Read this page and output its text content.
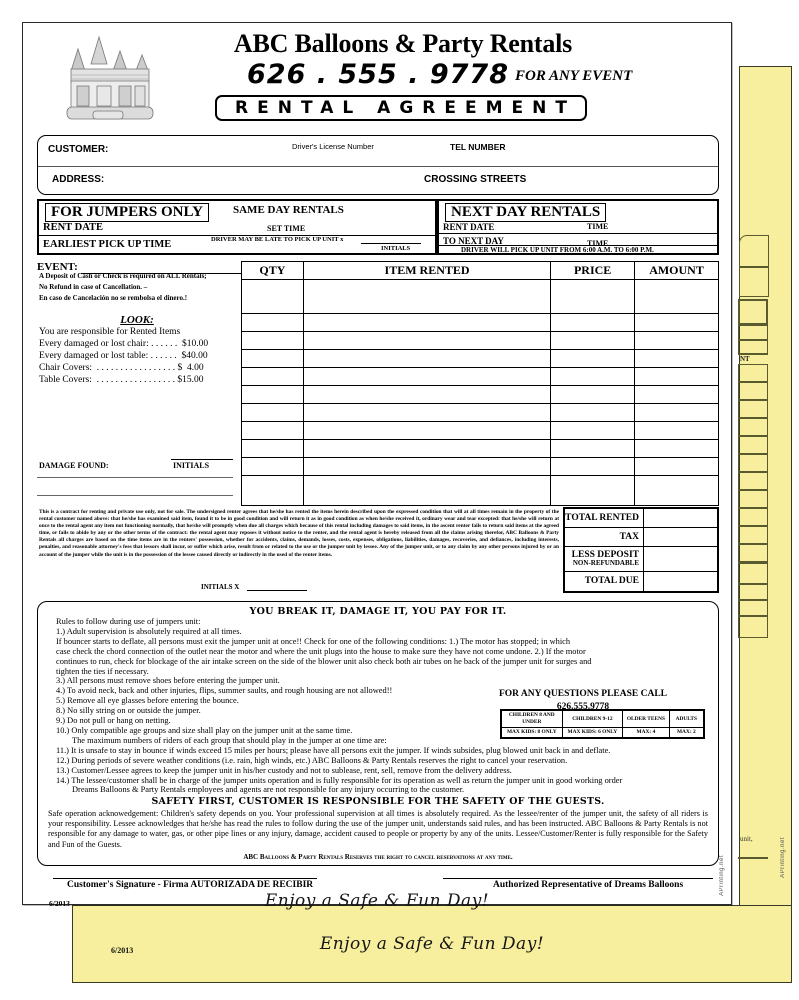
NT
unit,	APrinting.net
6/2013	Enjoy a Safe & Fun Day!
ABC Balloons & Party Rentals
626 . 555 . 9778 FOR ANY EVENT
RENTAL AGREEMENT
CUSTOMER:	Driver's License Number	TEL NUMBER
ADDRESS:	CROSSING STREETS
FOR JUMPERS ONLY	SAME DAY RENTALS
RENT DATE	SET TIME
EARLIEST PICK UP TIME	DRIVER MAY BE LATE TO PICK UP UNIT x
INITIALS
NEXT DAY RENTALS
RENT DATE	TIME
TO NEXT DAY	TIME
DRIVER WILL PICK UP UNIT FROM 6:00 A.M. TO 6:00 P.M.
EVENT:
A Deposit of Cash or Check is required on ALL Rentals;
No Refund in case of Cancellation. –
En caso de Cancelación no se rembolsa el dinero.!
LOOK:
You are responsible for Rented Items
Every damaged or lost chair: . . . . . .  $10.00
Every damaged or lost table: . . . . . .  $40.00
Chair Covers:  . . . . . . . . . . . . . . . . . $  4.00
Table Covers:  . . . . . . . . . . . . . . . . . $15.00
DAMAGE FOUND:	INITIALS
QTY	ITEM RENTED	PRICE	AMOUNT

This is a contract for renting and private use only, not for sale. The undersigned renter agrees that he/she has rented the items herein described upon the expressed condition that will at all times remain in the property of the rental customer named above: that he/she has examined said item, found it to be in good condition and will return it as in good condition as when he/she received it, ordinary wear and tear excepted: that he/she will return at once to the rental agent any item not functioning normally, that he/she will promptly when due all charges which because of this rental including damages to said items, in the ascent renter fails to return said items at the agreed time, or fails to abide by any or the other terms of the contract: the rental agent may reposes it without notice to the renter, and the rental agent is hereby released from all the claims arising therefor, ABC Balloons & Party Rentals all charges are based on the time items are in the renters' possession, whether for accidents, claims, demands, losses, costs, expenses, obligations, liabilities, damages, recoveries, and defiances, including interests, penalties, and reasonable attorney's fees that lessors shall incur, or suffer which arise, result from or related to the use or the jumper unit by lessee. Any of the jumper unit, or to any claim by any other persons injured by or an account of the jumper while the unit is in the possession of the lessee caused directly or indirectly in the used of the renter items.
INITIALS X
TOTAL RENTED
TAX
LESS DEPOSIT
NON-REFUNDABLE
TOTAL DUE
YOU BREAK IT, DAMAGE IT, YOU PAY FOR IT.
Rules to follow during use of jumpers unit:
1.) Adult supervision is absolutely required at all times.
If bouncer starts to deflate, all persons must exit the jumper unit at once!! Check for one of the following conditions: 1.) The motor has stopped; in which
case check the chord connection of the outlet near the motor and where the unit plugs into the house to make sure they have not come undone. 2.) If the motor
continues to run, check for blockage of the air intake screen on the side of the blower unit also check both air tubes on he back of the jumper unit for surges and
tighten the ties if necessary.
3.) All persons must remove shoes before entering the jumper unit.
4.) To avoid neck, back and other injuries, flips, summer saults, and rough housing are not allowed!!
5.) Remove all eye glasses before entering the bounce.
8.) No silly string on or outside the jumper.
9.) Do not pull or hang on netting.
10.) Only compatible age groups and size shall play on the jumper unit at the same time.
The maximum numbers of riders of each group that should play in the jumper at one time are:
11.) It is unsafe to stay in bounce if winds exceed 15 miles per hours; please have all persons exit the jumper. If winds subsides, plug blowed unit back in and deflate.
12.) During periods of severe weather conditions (i.e. rain, high winds, etc.) ABC Balloons & Party Rentals reserves the right to cancel your reservation.
13.) Customer/Lessee agrees to keep the jumper unit in his/her custody and not to sublease, rent, sell, remove from the delivery address.
14.) The lessee/customer shall be in charge of the jumper units operation and is fully responsible for its operation as well as return the jumper unit in good working order
Dreams Balloons & Party Rentals employees and agents are not responsible for any injury occurring to the customer.
FOR ANY QUESTIONS PLEASE CALL
626.555.9778
CHILDREN 8 AND UNDER	CHILDREN 9-12	OLDER TEENS	ADULTS
MAX KIDS: 8 ONLY	MAX KIDS: 6 ONLY	MAX: 4	MAX: 2
SAFETY FIRST, CUSTOMER IS RESPONSIBLE FOR THE SAFETY OF THE GUESTS.
Safe operation acknowedgement: Children's safety depends on you. Your professional supervision at all times is absolutely required. As the lessee/renter of the jumper unit, the safety of all riders is your responsibility. Lessee acknowledges that he/she has read the rules to follow during the use of the jumper unit, understands said rules, and has been instructed. ABC Balloons & Party Rentals is not responsible for any damage to water, gas, or other pipe lines or any injury, damage, accident caused to people or property by any of the units. Lessee/Customer/Renter is fully responsible for the Safety and Fun of the Guests.
ABC Balloons & Party Rentals Reserves the right to cancel reservations at any time.
Customer's Signature - Firma AUTORIZADA DE RECIBIR	Authorized Representative of Dreams Balloons
6/2013	Enjoy a Safe & Fun Day!
APrinting.net
